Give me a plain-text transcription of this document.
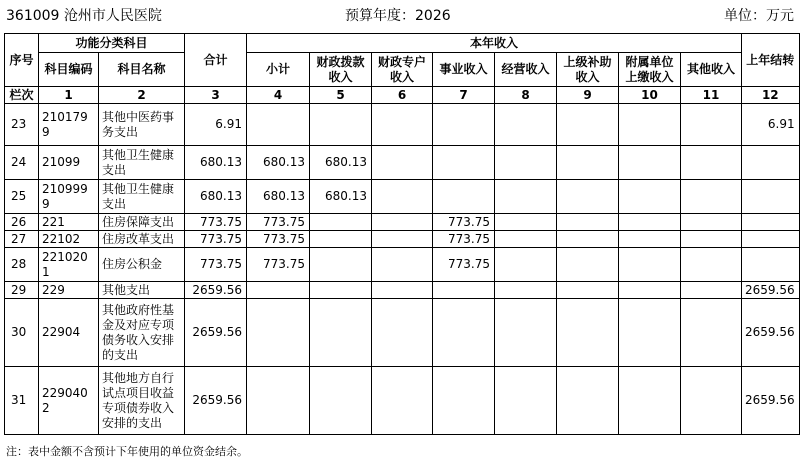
361009 沧州市人民医院	预算年度：2026	单位：万元
序号	功能分类科目		合计	本年收入								上年结转
	科目编码	科目名称		小计	财政拨款收入	财政专户收入	事业收入	经营收入	上级补助收入	附属单位上缴收入	其他收入	

栏次	1	2	3	4	5	6	7	8	9	10	11	12
23	2101799	其他中医药事务支出	6.91									6.91
24	21099	其他卫生健康支出	680.13	680.13	680.13							
25	2109999	其他卫生健康支出	680.13	680.13	680.13							
26	221	住房保障支出	773.75	773.75			773.75					
27	22102	住房改革支出	773.75	773.75			773.75					
28	2210201	住房公积金	773.75	773.75			773.75					
29	229	其他支出	2659.56									2659.56
30	22904	其他政府性基金及对应专项债务收入安排的支出	2659.56									2659.56
31	2290402	其他地方自行试点项目收益专项债券收入安排的支出	2659.56									2659.56
注：表中金额不含预计下年使用的单位资金结余。
